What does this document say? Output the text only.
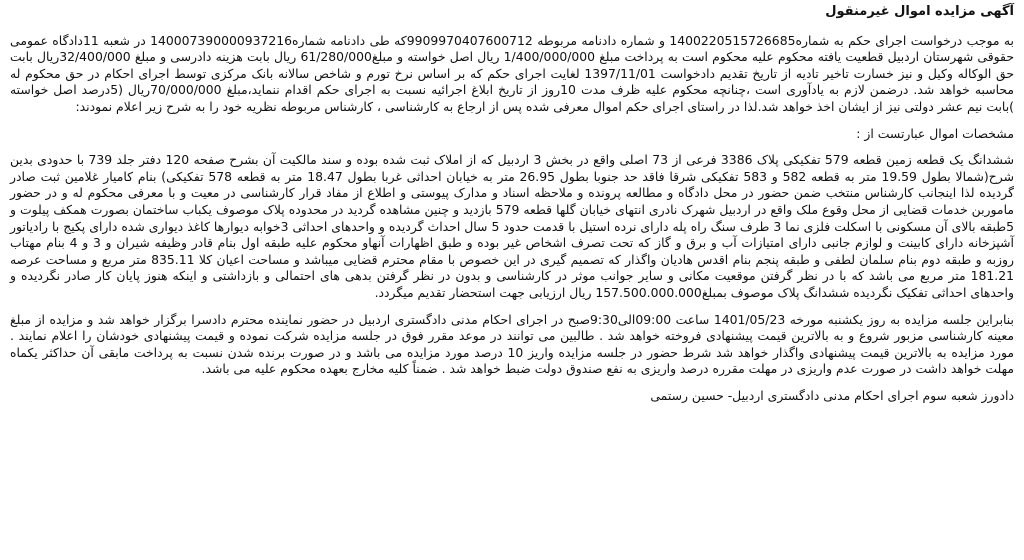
آگهی مزایده اموال غیرمنقول

به موجب درخواست اجرای حکم به شماره1400220515726685 و شماره دادنامه مربوطه 9909970407600712که طی دادنامه شماره140007390000937216 در شعبه 11دادگاه عمومی حقوقی شهرستان اردبیل قطعیت یافته محکوم علیه محکوم است به پرداخت مبلغ 1/400/000/000 ریال اصل خواسته و مبلغ61/280/000 ریال بابت هزینه دادرسی و مبلغ 32/400/000ریال بابت حق الوکاله وکیل و نیز خسارت تاخیر تادیه از تاریخ تقدیم دادخواست 1397/11/01 لغایت اجرای حکم که بر اساس نرخ تورم و شاخص سالانه بانک مرکزی توسط اجرای احکام در حق محکوم له محاسبه خواهد شد. درضمن لازم به یادآوری است ،چنانچه محکوم علیه ظرف مدت 10روز از تاریخ ابلاغ اجرائیه نسبت به اجرای حکم اقدام ننماید،مبلغ 70/000/000ریال (5درصد اصل خواسته )بابت نیم عشر دولتی نیز از ایشان اخذ خواهد شد.لذا در راستای اجرای حکم اموال معرفی شده پس از ارجاع به کارشناسی ، کارشناس مربوطه نظریه خود را به شرح زیر اعلام نمودند:

مشخصات اموال عبارتست از :

ششدانگ یک قطعه زمین قطعه 579 تفکیکی پلاک 3386 فرعی از 73 اصلی واقع در بخش 3 اردبیل که از املاک ثبت شده بوده و سند مالکیت آن بشرح صفحه 120 دفتر جلد 739 با حدودی بدین شرح(شمالا بطول 19.59 متر به قطعه 582 و 583 تفکیکی شرقا فاقد حد جنوبا بطول 26.95 متر به خیابان احداثی غربا بطول 18.47 متر به قطعه 578 تفکیکی) بنام کامیار غلامین ثبت صادر گردیده لذا اینجانب کارشناس منتخب ضمن حضور در محل دادگاه و مطالعه پرونده و ملاحظه اسناد و مدارک پیوستی و اطلاع از مفاد قرار کارشناسی در معیت و با معرفی محکوم له و در حضور ماموربن خدمات قضایی از محل وقوع ملک واقع در اردبیل شهرک نادری انتهای خیابان گلها قطعه 579 بازدید و چنین مشاهده گردید در محدوده پلاک موصوف یکباب ساختمان بصورت همکف پیلوت و 5طبقه بالای آن مسکونی با اسکلت فلزی نما 3 طرف سنگ راه پله دارای نرده استیل با قدمت حدود 5 سال احداث گردیده و واحدهای احداثی 3خوابه دیوارها کاغذ دیواری شده دارای پکیج با رادیاتور آشپزخانه دارای کابینت و لوازم جانبی دارای امتیازات آب و برق و گاز که تحت تصرف اشخاص غیر بوده و طبق اظهارات آنهاو محکوم علیه طبقه اول بنام قادر وظیفه شیران و 3 و 4 بنام مهتاب روزبه و طبقه دوم بنام سلمان لطفی و طبقه پنجم بنام اقدس هادیان واگذار که تصمیم گیری در این خصوص با مقام محترم قضایی میباشد و مساحت اعیان کلا 835.11 متر مربع و مساحت عرصه 181.21 متر مربع می باشد که با در نظر گرفتن موقعیت مکانی و سایر جوانب موثر در کارشناسی و بدون در نظر گرفتن بدهی های احتمالی و بازداشتی و اینکه هنوز پایان کار صادر نگردیده و واحدهای احداثی تفکیک نگردیده ششدانگ پلاک موصوف بمبلغ157.500.000.000 ریال ارزیابی جهت استحضار تقدیم میگردد.

بنابراین جلسه مزایده به روز یکشنبه مورخه 1401/05/23 ساعت 09:00الی9:30صبح در اجرای احکام مدنی دادگستری اردبیل در حضور نماینده محترم دادسرا برگزار خواهد شد و مزایده از مبلغ معینه کارشناسی مزبور شروع و به بالاترین قیمت پیشنهادی فروخته خواهد شد . طالبین می توانند در موعد مقرر فوق در جلسه مزایده شرکت نموده و قیمت پیشنهادی خودشان را اعلام نمایند . مورد مزایده به بالاترین قیمت پیشنهادی واگذار خواهد شد شرط حضور در جلسه مزایده واریز 10 درصد مورد مزایده می باشد و در صورت برنده شدن نسبت به پرداخت مابقی آن حداکثر یکماه مهلت خواهد داشت در صورت عدم واریزی در مهلت مقرره درصد واریزی به نفع صندوق دولت ضبط خواهد شد . ضمناً کلیه مخارج بعهده محکوم علیه می باشد.

دادورز شعبه سوم اجرای احکام مدنی دادگستری اردبیل- حسین رستمی
